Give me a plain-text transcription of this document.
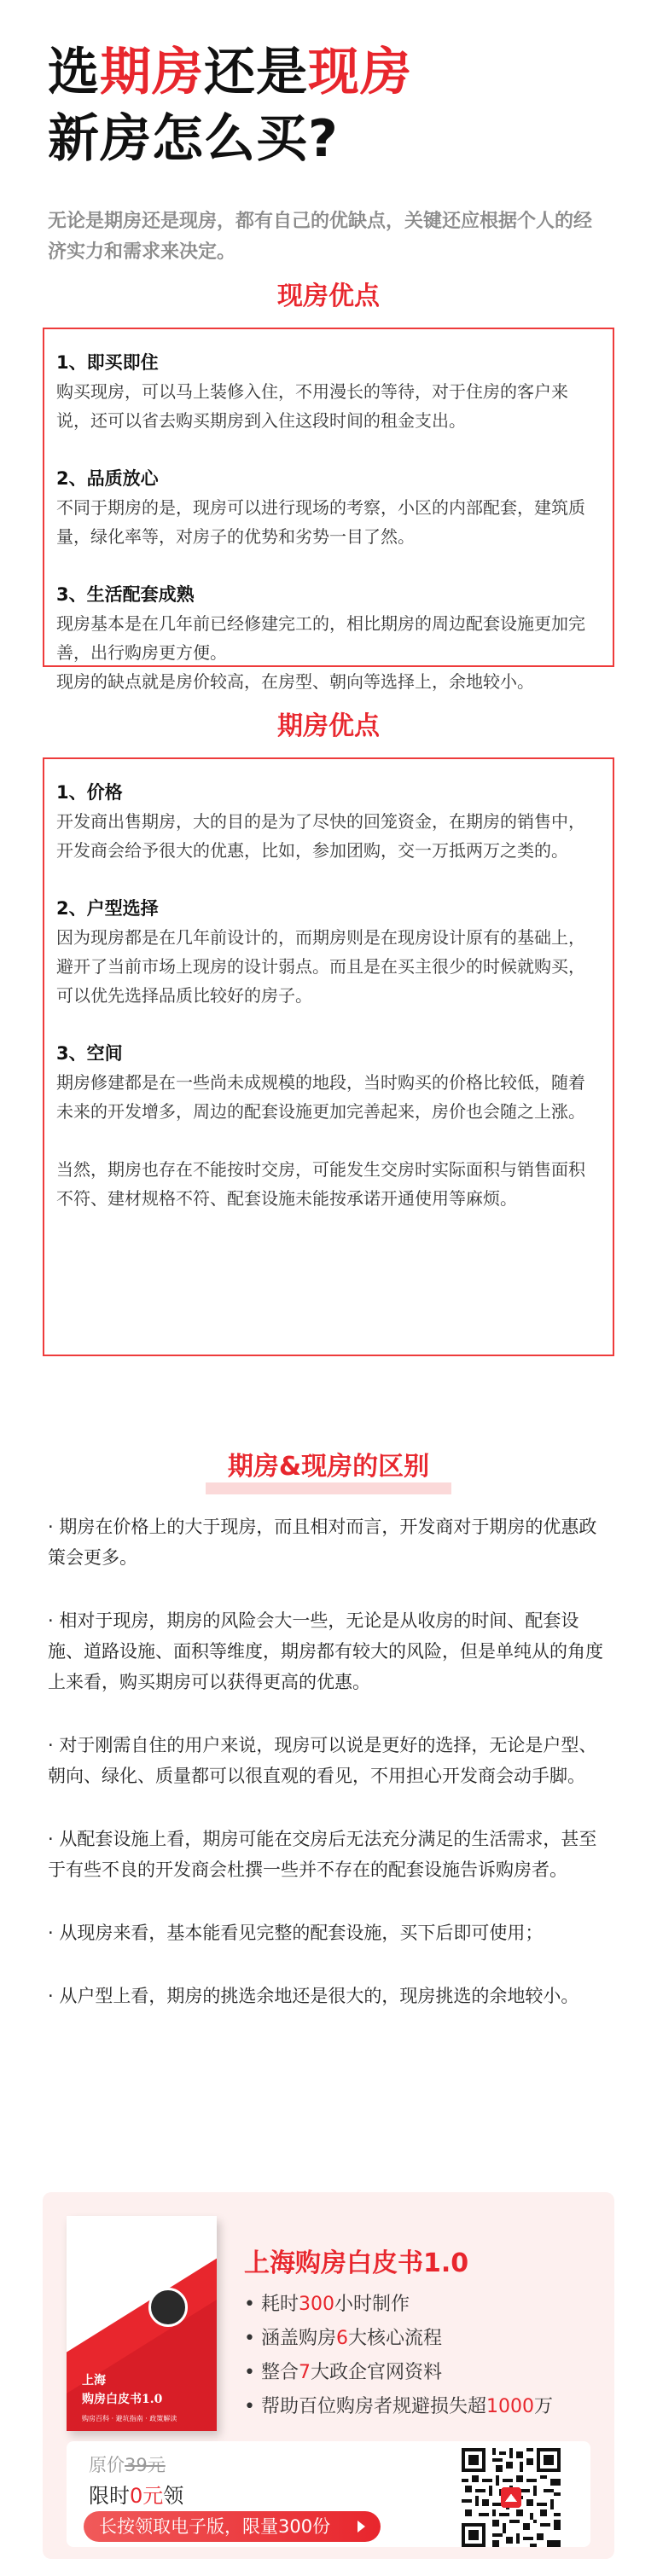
选期房还是现房
新房怎么买?

无论是期房还是现房，都有自己的优缺点，关键还应根据个人的经济实力和需求来决定。

现房优点
1、即买即住
购买现房，可以马上装修入住，不用漫长的等待，对于住房的客户来说，还可以省去购买期房到入住这段时间的租金支出。
2、品质放心
不同于期房的是，现房可以进行现场的考察，小区的内部配套，建筑质量，绿化率等，对房子的优势和劣势一目了然。
3、生活配套成熟
现房基本是在几年前已经修建完工的，相比期房的周边配套设施更加完善，出行购房更方便。
现房的缺点就是房价较高，在房型、朝向等选择上，余地较小。
期房优点
1、价格
开发商出售期房，大的目的是为了尽快的回笼资金，在期房的销售中，开发商会给予很大的优惠，比如，参加团购，交一万抵两万之类的。
2、户型选择
因为现房都是在几年前设计的，而期房则是在现房设计原有的基础上，避开了当前市场上现房的设计弱点。而且是在买主很少的时候就购买，可以优先选择品质比较好的房子。
3、空间
期房修建都是在一些尚未成规模的地段，当时购买的价格比较低，随着未来的开发增多，周边的配套设施更加完善起来，房价也会随之上涨。
当然，期房也存在不能按时交房，可能发生交房时实际面积与销售面积不符、建材规格不符、配套设施未能按承诺开通使用等麻烦。
期房&现房的区别

· 期房在价格上的大于现房，而且相对而言，开发商对于期房的优惠政策会更多。

· 相对于现房，期房的风险会大一些，无论是从收房的时间、配套设施、道路设施、面积等维度，期房都有较大的风险，但是单纯从的角度上来看，购买期房可以获得更高的优惠。

· 对于刚需自住的用户来说，现房可以说是更好的选择，无论是户型、朝向、绿化、质量都可以很直观的看见，不用担心开发商会动手脚。

· 从配套设施上看，期房可能在交房后无法充分满足的生活需求，甚至于有些不良的开发商会杜撰一些并不存在的配套设施告诉购房者。

· 从现房来看，基本能看见完整的配套设施，买下后即可使用；

· 从户型上看，期房的挑选余地还是很大的，现房挑选的余地较小。

上海
购房白皮书1.0
购房百科 · 避坑指南 · 政策解读
上海购房白皮书1.0
• 耗时300小时制作
• 涵盖购房6大核心流程
• 整合7大政企官网资料
• 帮助百位购房者规避损失超1000万
原价39元
限时0元领
长按领取电子版，限量300份
